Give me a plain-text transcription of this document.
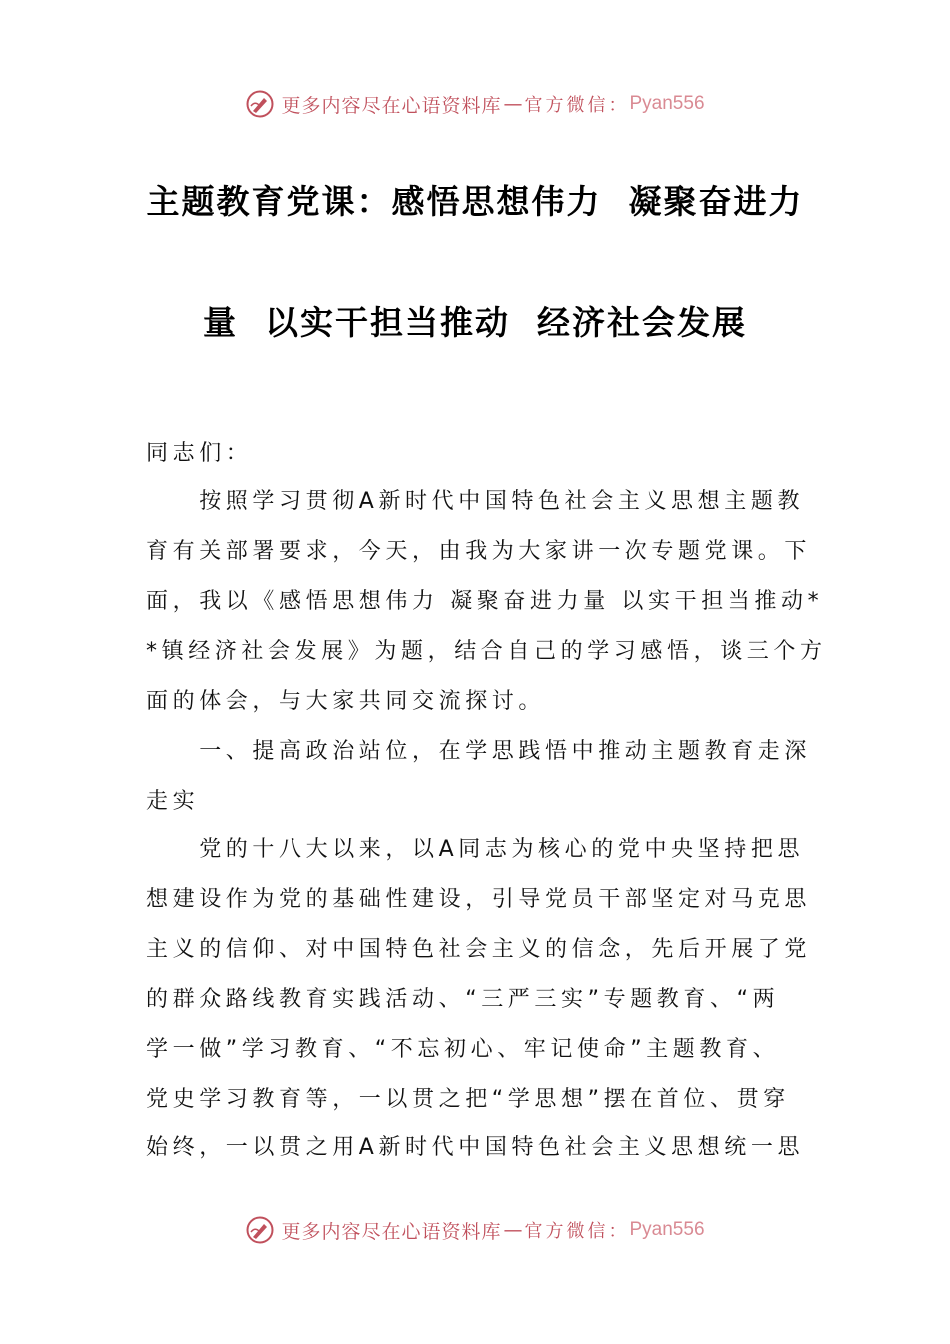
更多内容尽在心语资料库 — 官方微信： Pyan556
主题教育党课：感悟思想伟力  凝聚奋进力
量  以实干担当推动  经济社会发展
同志们：
　　按照学习贯彻A新时代中国特色社会主义思想主题教
育有关部署要求，今天，由我为大家讲一次专题党课。下
面，我以《感悟思想伟力 凝聚奋进力量 以实干担当推动*
*镇经济社会发展》为题，结合自己的学习感悟，谈三个方
面的体会，与大家共同交流探讨。
　　一、提高政治站位，在学思践悟中推动主题教育走深
走实
　　党的十八大以来，以A同志为核心的党中央坚持把思
想建设作为党的基础性建设，引导党员干部坚定对马克思
主义的信仰、对中国特色社会主义的信念，先后开展了党
的群众路线教育实践活动、“三严三实”专题教育、“两
学一做”学习教育、“不忘初心、牢记使命”主题教育、
党史学习教育等，一以贯之把“学思想”摆在首位、贯穿
始终，一以贯之用A新时代中国特色社会主义思想统一思
更多内容尽在心语资料库 — 官方微信： Pyan556
